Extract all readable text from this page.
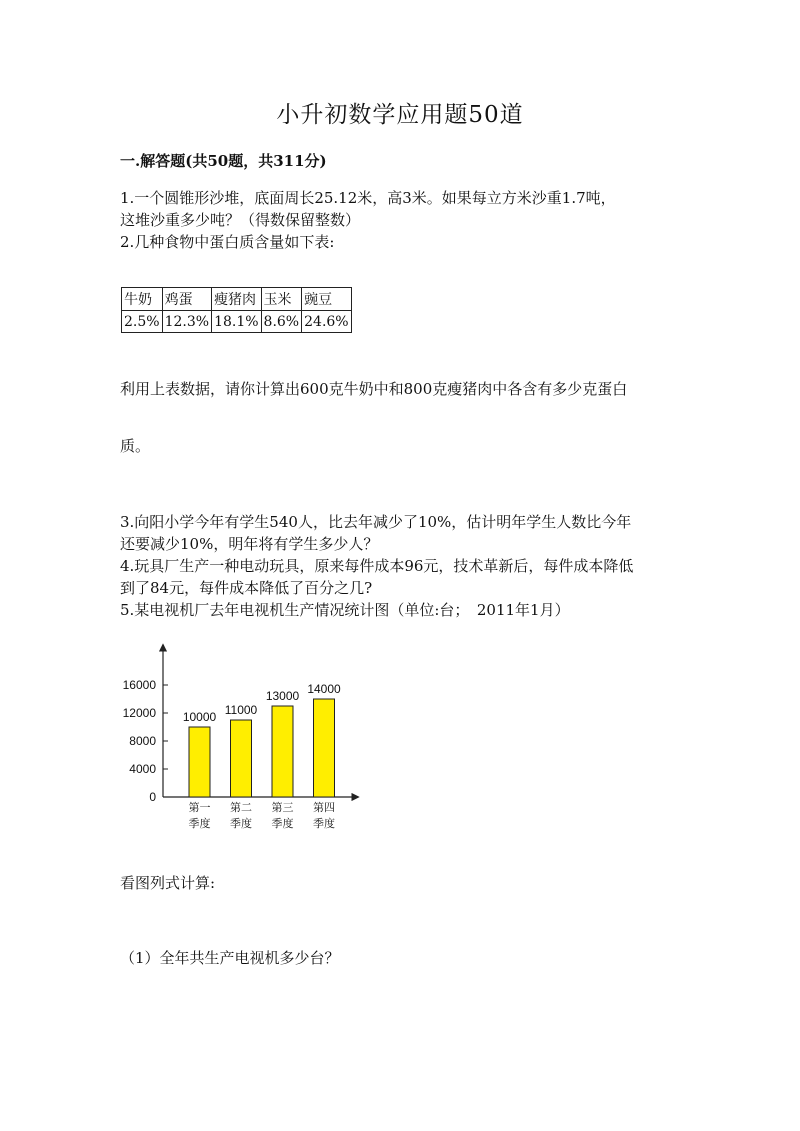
小升初数学应用题50道
一.解答题(共50题，共311分)
1.一个圆锥形沙堆，底面周长25.12米，高3米。如果每立方米沙重1.7吨，
这堆沙重多少吨？（得数保留整数）
2.几种食物中蛋白质含量如下表:
牛奶	鸡蛋	瘦猪肉	玉米	豌豆
2.5%	12.3%	18.1%	8.6%	24.6%
利用上表数据，请你计算出600克牛奶中和800克瘦猪肉中各含有多少克蛋白
质。
3.向阳小学今年有学生540人，比去年减少了10%，估计明年学生人数比今年
还要减少10%，明年将有学生多少人？
4.玩具厂生产一种电动玩具，原来每件成本96元，技术革新后，每件成本降低
到了84元，每件成本降低了百分之几?
5.某电视机厂去年电视机生产情况统计图（单位:台；　2011年1月）
0
4000
8000
12000
16000
10000 11000
13000 14000
第一
季度
第二
季度
第三
季度
第四
季度
看图列式计算:
（1）全年共生产电视机多少台？
